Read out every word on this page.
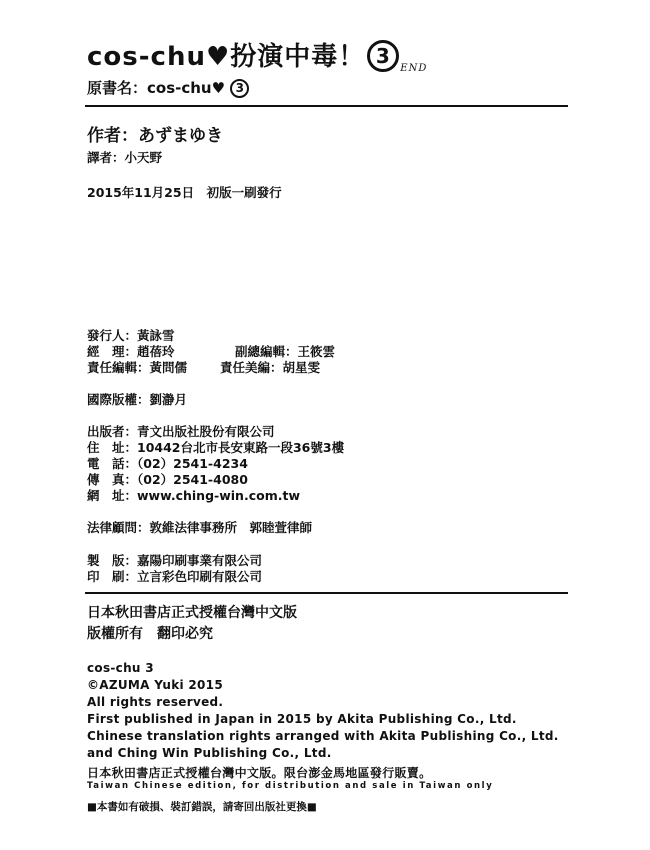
cos-chu♥扮演中毒！ $3_{END}$
原書名：cos-chu♥ 3
作者：あずまゆき
譯者：小天野
2015年11月25日　初版一刷發行
發行人：黃詠雪
經　理：趙蓓玲	副總編輯：王筱雲
責任編輯：黃問儒	責任美編：胡星雯
國際版權：劉瀞月
出版者：青文出版社股份有限公司
住　址：10442台北市長安東路一段36號3樓
電　話：（02）2541-4234
傳　真：（02）2541-4080
網　址：www.ching-win.com.tw
法律顧問：敦維法律事務所　郭睦萱律師
製　版：嘉陽印刷事業有限公司
印　刷：立言彩色印刷有限公司
日本秋田書店正式授權台灣中文版
版權所有　翻印必究
cos-chu 3
©AZUMA Yuki 2015
All rights reserved.
First published in Japan in 2015 by Akita Publishing Co., Ltd.
Chinese translation rights arranged with Akita Publishing Co., Ltd.
and Ching Win Publishing Co., Ltd.
日本秋田書店正式授權台灣中文版。限台澎金馬地區發行販賣。
Taiwan Chinese edition, for distribution and sale in Taiwan only
■本書如有破損、裝訂錯誤，請寄回出版社更換■
